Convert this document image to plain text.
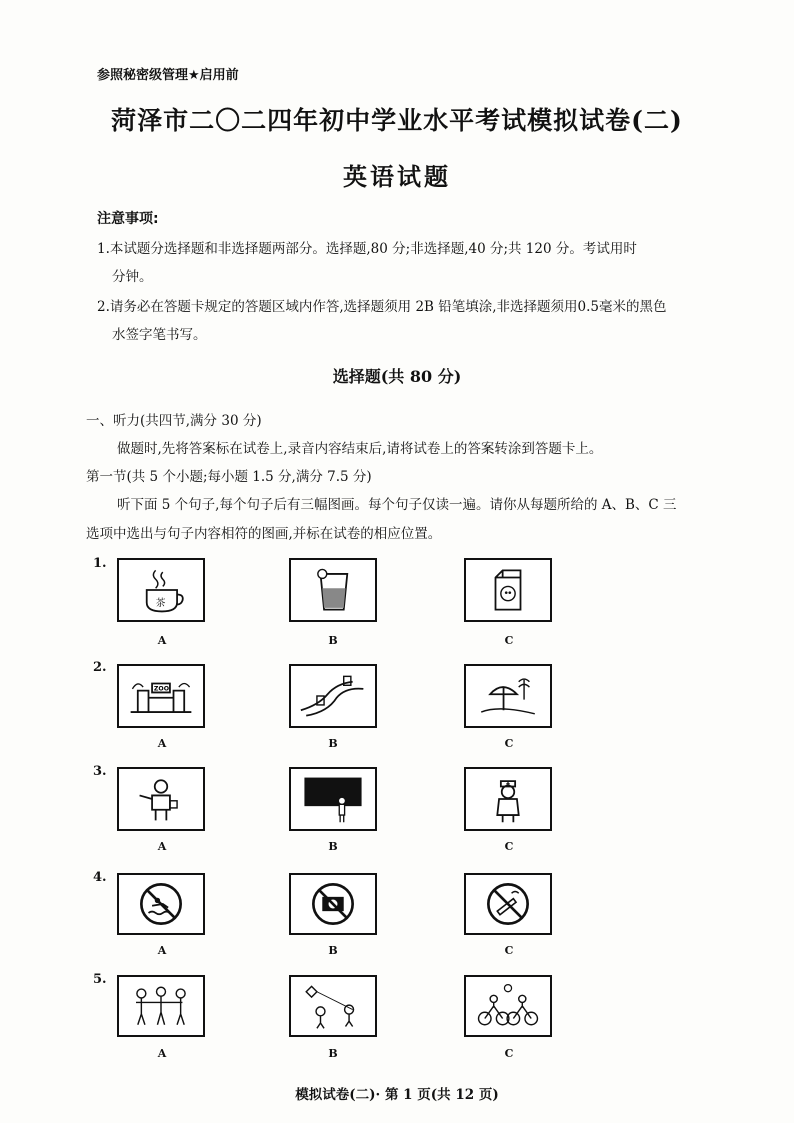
参照秘密级管理★启用前
菏泽市二〇二四年初中学业水平考试模拟试卷(二)
英语试题
注意事项:
1.本试题分选择题和非选择题两部分。选择题,80 分;非选择题,40 分;共 120 分。考试用时
分钟。
2.请务必在答题卡规定的答题区域内作答,选择题须用 2B 铅笔填涂,非选择题须用0.5毫米的黑色
水签字笔书写。
选择题(共 80 分)
一、听力(共四节,满分 30 分)
做题时,先将答案标在试卷上,录音内容结束后,请将试卷上的答案转涂到答题卡上。
第一节(共 5 个小题;每小题 1.5 分,满分 7.5 分)
听下面 5 个句子,每个句子后有三幅图画。每个句子仅读一遍。请你从每题所给的 A、B、C 三
选项中选出与句子内容相符的图画,并标在试卷的相应位置。
1.
茶
A	B	C
2.
ZOO
A	B	C
3.
A	B	C
4.
A	B	C
5.
A	B	C
模拟试卷(二)· 第 1 页(共 12 页)
